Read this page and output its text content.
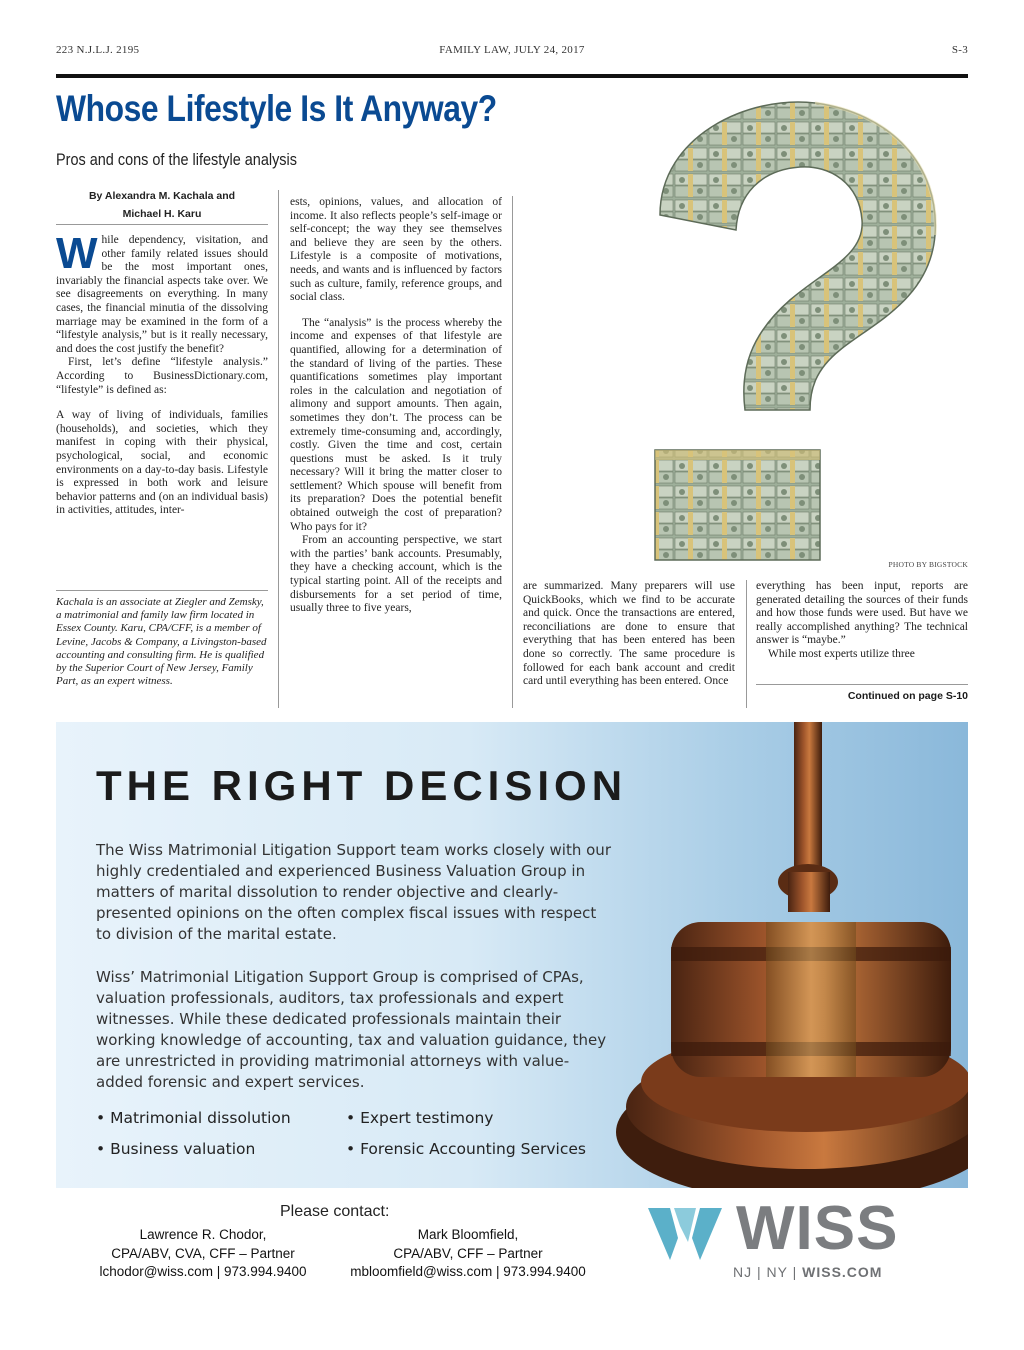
223 N.J.L.J. 2195	FAMILY LAW, JULY 24, 2017	S-3
Whose Lifestyle Is It Anyway?
Pros and cons of the lifestyle analysis
By Alexandra M. Kachala and
Michael H. Karu

While dependency, visitation, and other family related issues should be the most important ones, invariably the financial aspects take over. We see disagreements on everything. In many cases, the financial minutia of the dissolving marriage may be examined in the form of a “lifestyle analysis,” but is it really necessary, and does the cost justify the benefit?

First, let’s define “lifestyle analysis.” According to BusinessDictionary.com, “lifestyle” is defined as:

A way of living of individuals, families (households), and societies, which they manifest in coping with their physical, psychological, social, and economic environments on a day-to-day basis. Lifestyle is expressed in both work and leisure behavior patterns and (on an individual basis) in activities, attitudes, inter-

Kachala is an associate at Ziegler and Zemsky, a matrimonial and family law firm located in Essex County. Karu, CPA/CFF, is a member of Levine, Jacobs & Company, a Livingston-based accounting and consulting firm. He is qualified by the Superior Court of New Jersey, Family Part, as an expert witness.

ests, opinions, values, and allocation of income. It also reflects people’s self-image or self-concept; the way they see themselves and believe they are seen by the others. Lifestyle is a composite of motivations, needs, and wants and is influenced by factors such as culture, family, reference groups, and social class.

The “analysis” is the process whereby the income and expenses of that lifestyle are quantified, allowing for a determination of the standard of living of the parties. These quantifications sometimes play important roles in the calculation and negotiation of alimony and support amounts. Then again, sometimes they don’t. The process can be extremely time-consuming and, accordingly, costly. Given the time and cost, certain questions must be asked. Is it truly necessary? Will it bring the matter closer to settlement? Which spouse will benefit from its preparation? Does the potential benefit obtained outweigh the cost of preparation? Who pays for it?

From an accounting perspective, we start with the parties’ bank accounts. Presumably, they have a checking account, which is the typical starting point. All of the receipts and disbursements for a set period of time, usually three to five years,

PHOTO BY BIGSTOCK

are summarized. Many preparers will use QuickBooks, which we find to be accurate and quick. Once the transactions are entered, reconciliations are done to ensure that everything that has been entered has been done so correctly. The same procedure is followed for each bank account and credit card until everything has been entered. Once

everything has been input, reports are generated detailing the sources of their funds and how those funds were used. But have we really accomplished anything? The technical answer is “maybe.”

While most experts utilize three

Continued on page S-10
THE RIGHT DECISION
The Wiss Matrimonial Litigation Support team works closely with our highly credentialed and experienced Business Valuation Group in matters of marital dissolution to render objective and clearly-presented opinions on the often complex fiscal issues with respect to division of the marital estate.
Wiss’ Matrimonial Litigation Support Group is comprised of CPAs, valuation professionals, auditors, tax professionals and expert witnesses. While these dedicated professionals maintain their working knowledge of accounting, tax and valuation guidance, they are unrestricted in providing matrimonial attorneys with value-added forensic and expert services.
• Matrimonial dissolution	• Expert testimony
• Business valuation	• Forensic Accounting Services
Please contact:
Lawrence R. Chodor,
CPA/ABV, CVA, CFF – Partner
lchodor@wiss.com | 973.994.9400
Mark Bloomfield,
CPA/ABV, CFF – Partner
mbloomfield@wiss.com | 973.994.9400
WISS
NJ | NY | WISS.COM
